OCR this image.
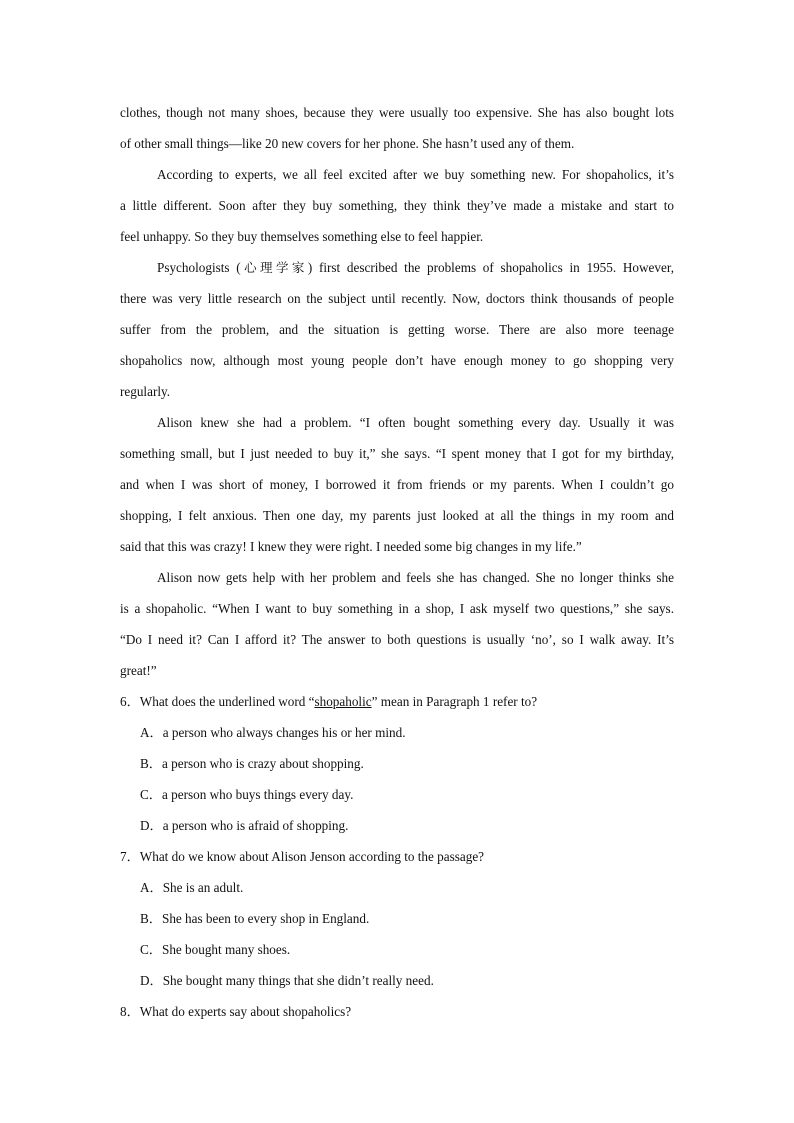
clothes, though not many shoes, because they were usually too expensive. She has also bought lots
of other small things—like 20 new covers for her phone. She hasn’t used any of them.
According to experts, we all feel excited after we buy something new. For shopaholics, it’s
a little different. Soon after they buy something, they think they’ve made a mistake and start to
feel unhappy. So they buy themselves something else to feel happier.
Psychologists (心理学家) first described the problems of shopaholics in 1955. However,
there was very little research on the subject until recently. Now, doctors think thousands of people
suffer from the problem, and the situation is getting worse. There are also more teenage
shopaholics now, although most young people don’t have enough money to go shopping very
regularly.
Alison knew she had a problem. “I often bought something every day. Usually it was
something small, but I just needed to buy it,” she says. “I spent money that I got for my birthday,
and when I was short of money, I borrowed it from friends or my parents. When I couldn’t go
shopping, I felt anxious. Then one day, my parents just looked at all the things in my room and
said that this was crazy! I knew they were right. I needed some big changes in my life.”
Alison now gets help with her problem and feels she has changed. She no longer thinks she
is a shopaholic. “When I want to buy something in a shop, I ask myself two questions,” she says.
“Do I need it? Can I afford it? The answer to both questions is usually ‘no’, so I walk away. It’s
great!”
6．What does the underlined word “shopaholic” mean in Paragraph 1 refer to?
A．a person who always changes his or her mind.
B．a person who is crazy about shopping.
C．a person who buys things every day.
D．a person who is afraid of shopping.
7．What do we know about Alison Jenson according to the passage?
A．She is an adult.
B．She has been to every shop in England.
C．She bought many shoes.
D．She bought many things that she didn’t really need.
8．What do experts say about shopaholics?
